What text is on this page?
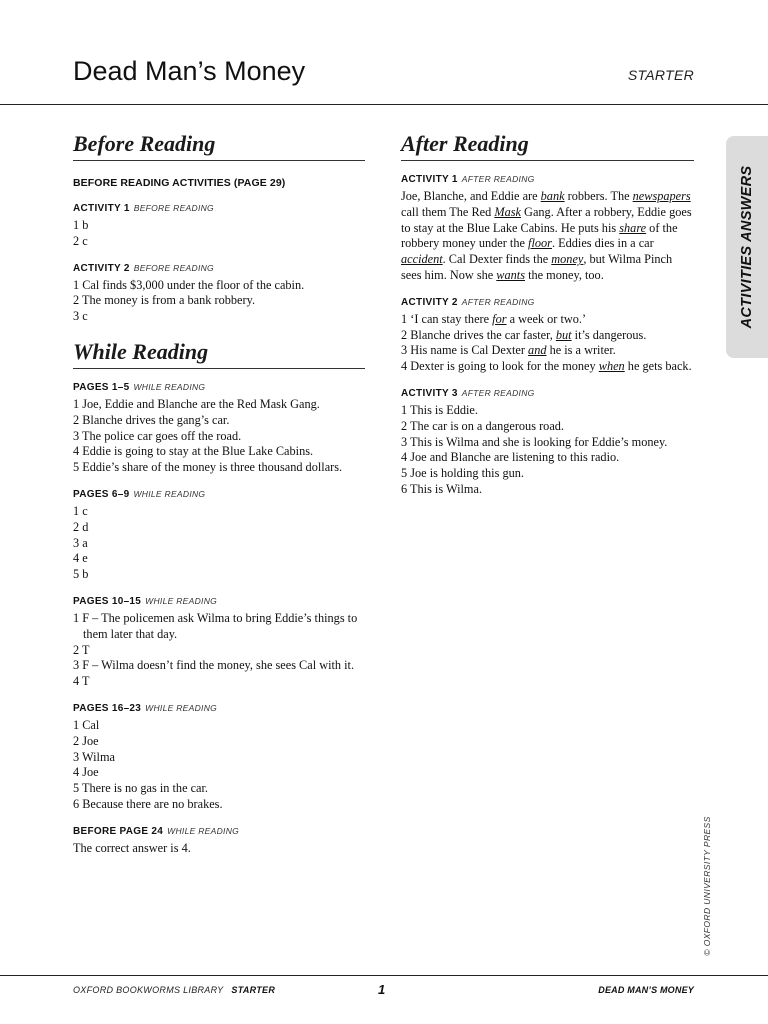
Dead Man’s Money	STARTER
Before Reading
BEFORE READING ACTIVITIES (PAGE 29)
ACTIVITY 1 BEFORE READING
1 b
2 c
ACTIVITY 2 BEFORE READING
1 Cal finds $3,000 under the floor of the cabin.
2 The money is from a bank robbery.
3 c
While Reading
PAGES 1–5 WHILE READING
1 Joe, Eddie and Blanche are the Red Mask Gang.
2 Blanche drives the gang’s car.
3 The police car goes off the road.
4 Eddie is going to stay at the Blue Lake Cabins.
5 Eddie’s share of the money is three thousand dollars.
PAGES 6–9 WHILE READING
1 c
2 d
3 a
4 e
5 b
PAGES 10–15 WHILE READING
1 F – The policemen ask Wilma to bring Eddie’s things to them later that day.
2 T
3 F – Wilma doesn’t find the money, she sees Cal with it.
4 T
PAGES 16–23 WHILE READING
1 Cal
2 Joe
3 Wilma
4 Joe
5 There is no gas in the car.
6 Because there are no brakes.
BEFORE PAGE 24 WHILE READING
The correct answer is 4.
After Reading
ACTIVITY 1 AFTER READING
Joe, Blanche, and Eddie are bank robbers. The newspapers call them The Red Mask Gang. After a robbery, Eddie goes to stay at the Blue Lake Cabins. He puts his share of the robbery money under the floor. Eddies dies in a car accident. Cal Dexter finds the money, but Wilma Pinch sees him. Now she wants the money, too.
ACTIVITY 2 AFTER READING
1 ‘I can stay there for a week or two.’
2 Blanche drives the car faster, but it’s dangerous.
3 His name is Cal Dexter and he is a writer.
4 Dexter is going to look for the money when he gets back.
ACTIVITY 3 AFTER READING
1 This is Eddie.
2 The car is on a dangerous road.
3 This is Wilma and she is looking for Eddie’s money.
4 Joe and Blanche are listening to this radio.
5 Joe is holding this gun.
6 This is Wilma.
ACTIVITIES ANSWERS
© OXFORD UNIVERSITY PRESS
OXFORD BOOKWORMS LIBRARY STARTER	1	DEAD MAN’S MONEY
